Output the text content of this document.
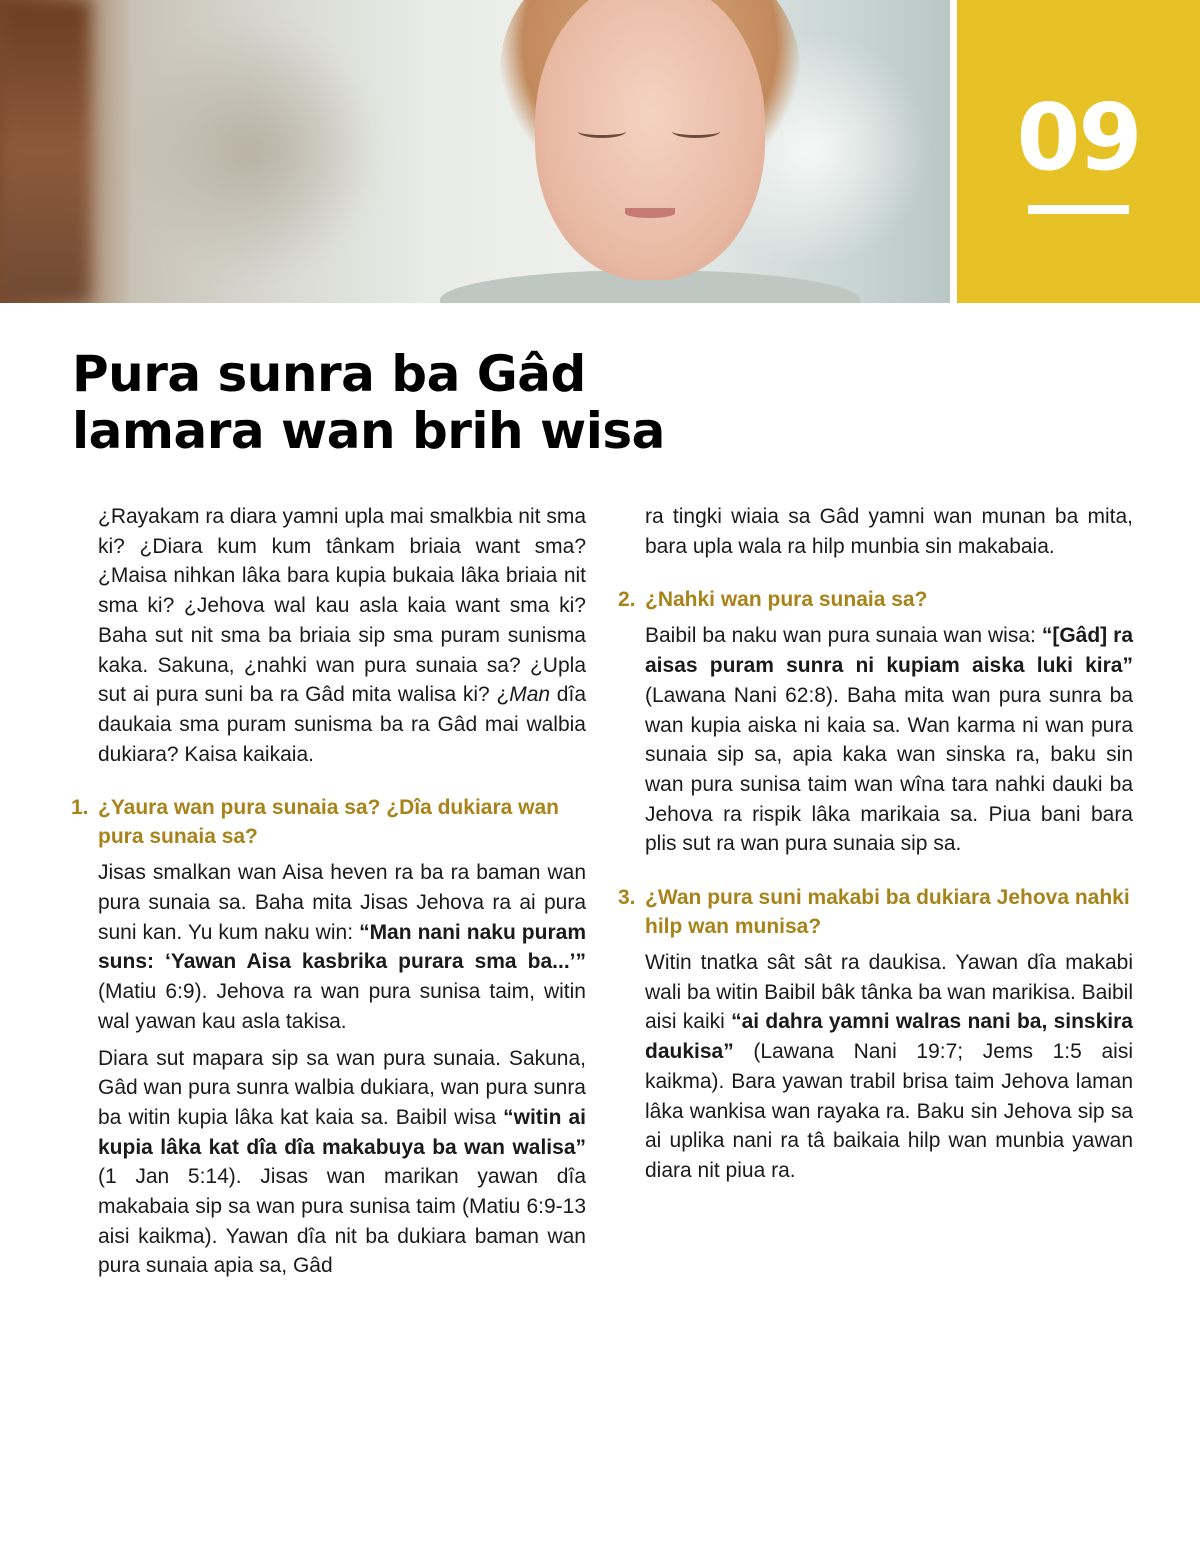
09
Pura sunra ba Gâd
lamara wan brih wisa

¿Rayakam ra diara yamni upla mai smalkbia nit sma ki? ¿Diara kum kum tânkam briaia want sma? ¿Maisa nihkan lâka bara kupia bukaia lâka briaia nit sma ki? ¿Jehova wal kau asla kaia want sma ki? Baha sut nit sma ba briaia sip sma puram sunisma kaka. Sakuna, ¿nahki wan pura sunaia sa? ¿Upla sut ai pura suni ba ra Gâd mita walisa ki? ¿Man dîa daukaia sma puram sunisma ba ra Gâd mai walbia dukiara? Kaisa kaikaia.

1. ¿Yaura wan pura sunaia sa? ¿Dîa dukiara wan pura sunaia sa?

Jisas smalkan wan Aisa heven ra ba ra baman wan pura sunaia sa. Baha mita Jisas Jehova ra ai pura suni kan. Yu kum naku win: “Man nani naku puram suns: ‘Yawan Aisa kasbrika purara sma ba...’” (Matiu 6:9). Jehova ra wan pura sunisa taim, witin wal yawan kau asla takisa.

Diara sut mapara sip sa wan pura sunaia. Sakuna, Gâd wan pura sunra walbia dukiara, wan pura sunra ba witin kupia lâka kat kaia sa. Baibil wisa “witin ai kupia lâka kat dîa dîa makabuya ba wan walisa” (1 Jan 5:14). Jisas wan marikan yawan dîa makabaia sip sa wan pura sunisa taim (Matiu 6:9-13 aisi kaikma). Yawan dîa nit ba dukiara baman wan pura sunaia apia sa, Gâd

ra tingki wiaia sa Gâd yamni wan munan ba mita, bara upla wala ra hilp munbia sin makabaia.

2. ¿Nahki wan pura sunaia sa?

Baibil ba naku wan pura sunaia wan wisa: “[Gâd] ra aisas puram sunra ni kupiam aiska luki kira” (Lawana Nani 62:8). Baha mita wan pura sunra ba wan kupia aiska ni kaia sa. Wan karma ni wan pura sunaia sip sa, apia kaka wan sinska ra, baku sin wan pura sunisa taim wan wîna tara nahki dauki ba Jehova ra rispik lâka marikaia sa. Piua bani bara plis sut ra wan pura sunaia sip sa.

3. ¿Wan pura suni makabi ba dukiara Jehova nahki hilp wan munisa?

Witin tnatka sât sât ra daukisa. Yawan dîa makabi wali ba witin Baibil bâk tânka ba wan marikisa. Baibil aisi kaiki “ai dahra yamni walras nani ba, sinskira daukisa” (Lawana Nani 19:7; Jems 1:5 aisi kaikma). Bara yawan trabil brisa taim Jehova laman lâka wankisa wan rayaka ra. Baku sin Jehova sip sa ai uplika nani ra tâ baikaia hilp wan munbia yawan diara nit piua ra.
